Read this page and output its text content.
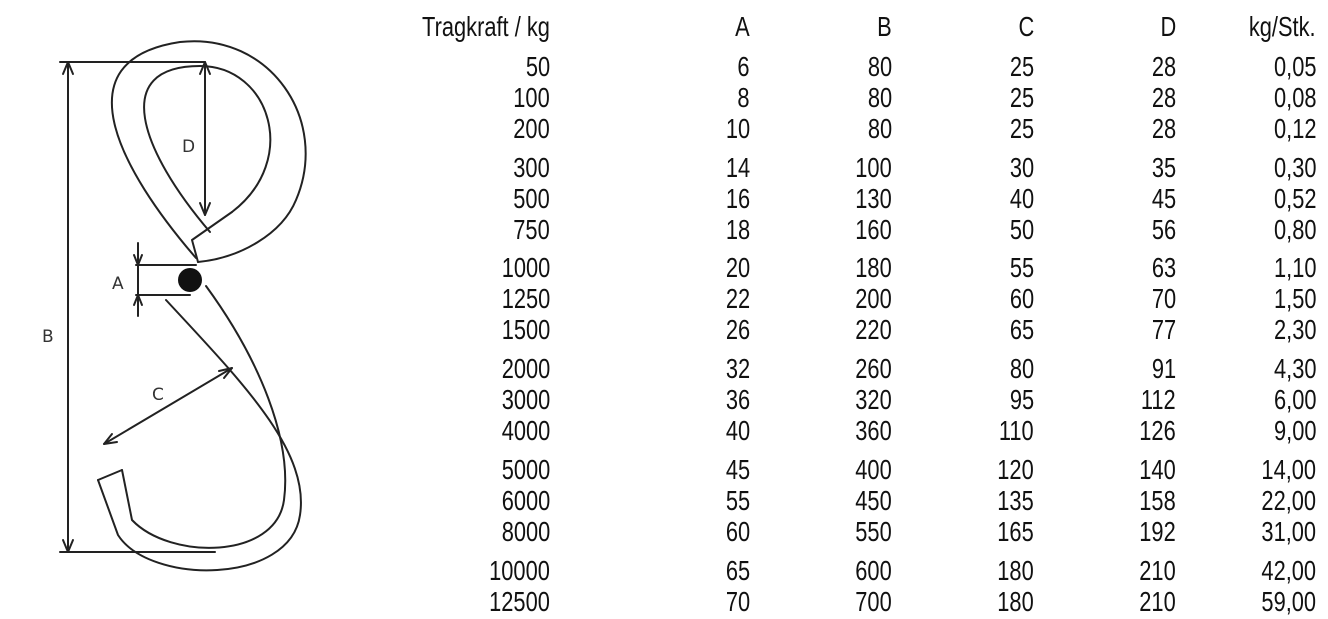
B
D
A
C
Tragkraft / kg	A	B	C	D	kg/Stk.
50	6	80	25	28	0,05
100	8	80	25	28	0,08
200	10	80	25	28	0,12
300	14	100	30	35	0,30
500	16	130	40	45	0,52
750	18	160	50	56	0,80
1000	20	180	55	63	1,10
1250	22	200	60	70	1,50
1500	26	220	65	77	2,30
2000	32	260	80	91	4,30
3000	36	320	95	112	6,00
4000	40	360	110	126	9,00
5000	45	400	120	140	14,00
6000	55	450	135	158	22,00
8000	60	550	165	192	31,00
10000	65	600	180	210	42,00
12500	70	700	180	210	59,00
